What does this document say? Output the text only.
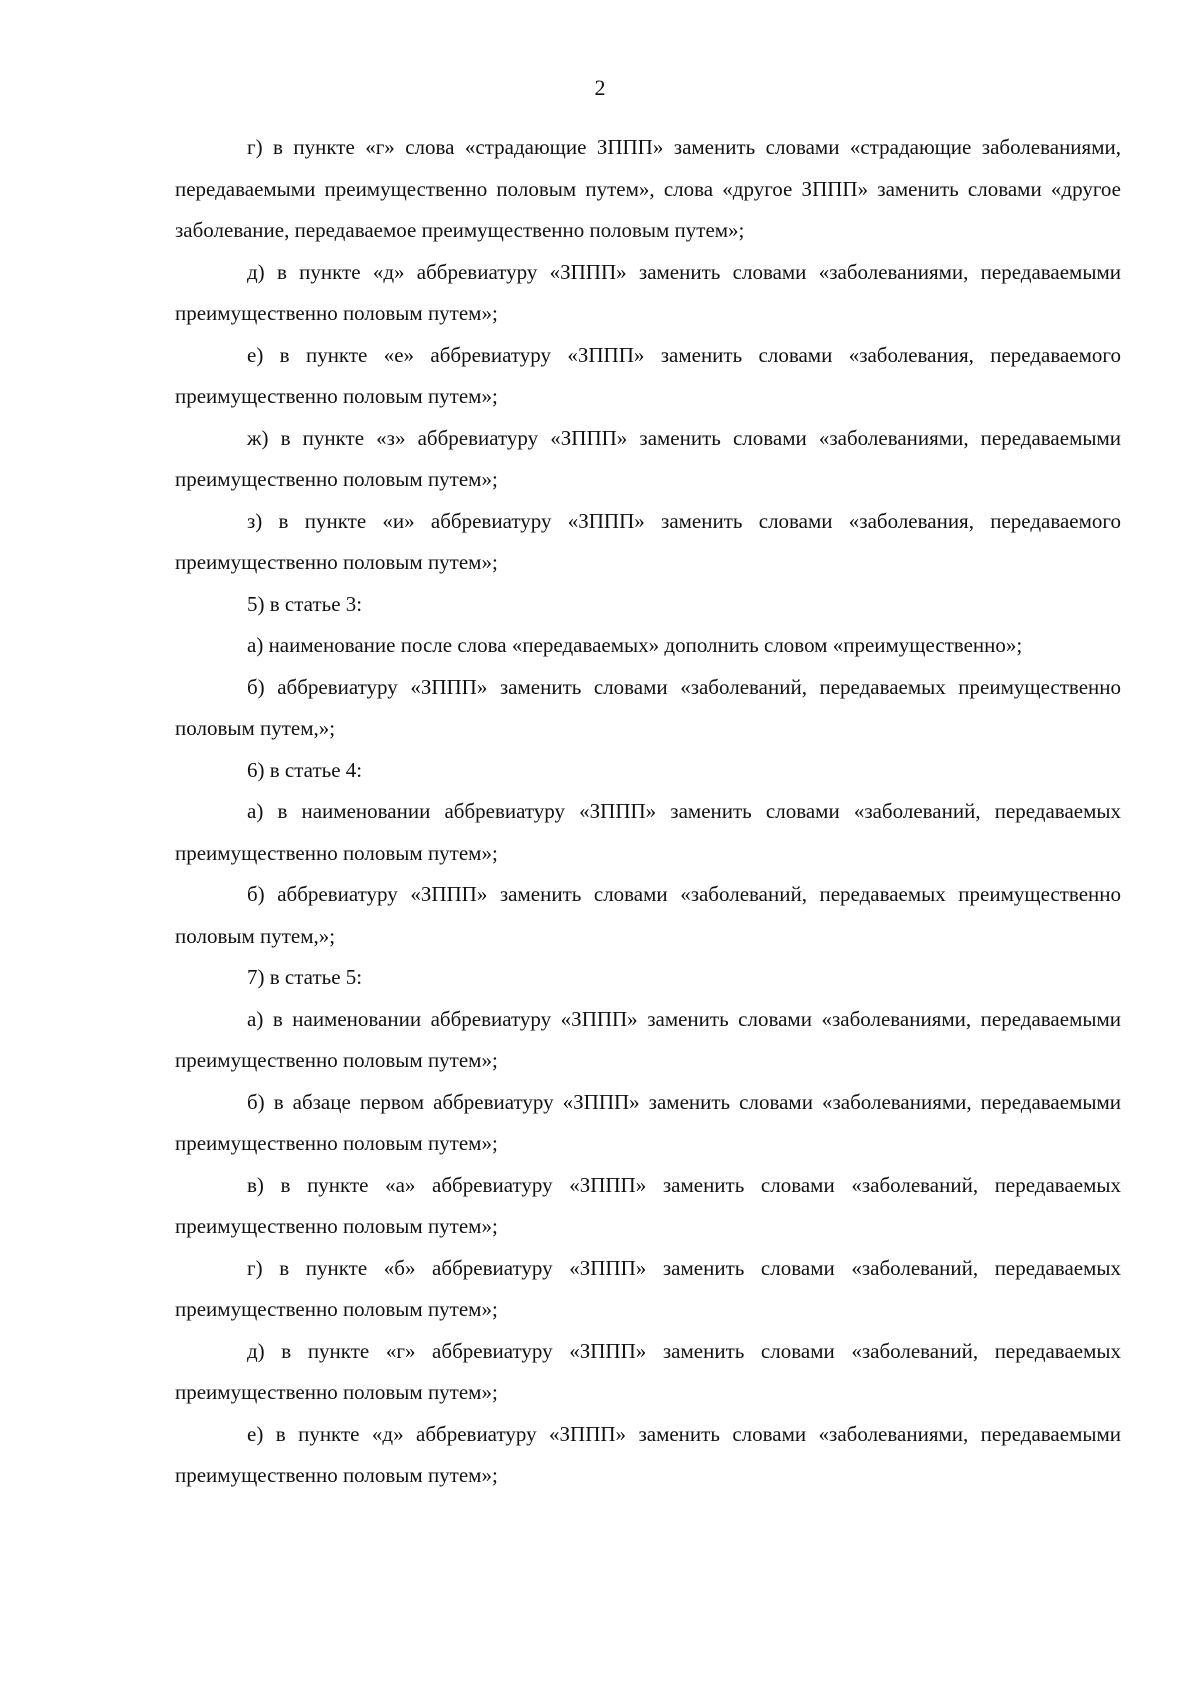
2

г) в пункте «г» слова «страдающие ЗППП» заменить словами «страдающие заболеваниями, передаваемыми преимущественно половым путем», слова «другое ЗППП» заменить словами «другое заболевание, передаваемое преимущественно половым путем»;

д) в пункте «д» аббревиатуру «ЗППП» заменить словами «заболеваниями, передаваемыми преимущественно половым путем»;

е) в пункте «е» аббревиатуру «ЗППП» заменить словами «заболевания, передаваемого преимущественно половым путем»;

ж) в пункте «з» аббревиатуру «ЗППП» заменить словами «заболеваниями, передаваемыми преимущественно половым путем»;

з) в пункте «и» аббревиатуру «ЗППП» заменить словами «заболевания, передаваемого преимущественно половым путем»;

5) в статье 3:

а) наименование после слова «передаваемых» дополнить словом «преимущественно»;

б) аббревиатуру «ЗППП» заменить словами «заболеваний, передаваемых преимущественно половым путем,»;

6) в статье 4:

а) в наименовании аббревиатуру «ЗППП» заменить словами «заболеваний, передаваемых преимущественно половым путем»;

б) аббревиатуру «ЗППП» заменить словами «заболеваний, передаваемых преимущественно половым путем,»;

7) в статье 5:

а) в наименовании аббревиатуру «ЗППП» заменить словами «заболеваниями, передаваемыми преимущественно половым путем»;

б) в абзаце первом аббревиатуру «ЗППП» заменить словами «заболеваниями, передаваемыми преимущественно половым путем»;

в) в пункте «а» аббревиатуру «ЗППП» заменить словами «заболеваний, передаваемых преимущественно половым путем»;

г) в пункте «б» аббревиатуру «ЗППП» заменить словами «заболеваний, передаваемых преимущественно половым путем»;

д) в пункте «г» аббревиатуру «ЗППП» заменить словами «заболеваний, передаваемых преимущественно половым путем»;

е) в пункте «д» аббревиатуру «ЗППП» заменить словами «заболеваниями, передаваемыми преимущественно половым путем»;
